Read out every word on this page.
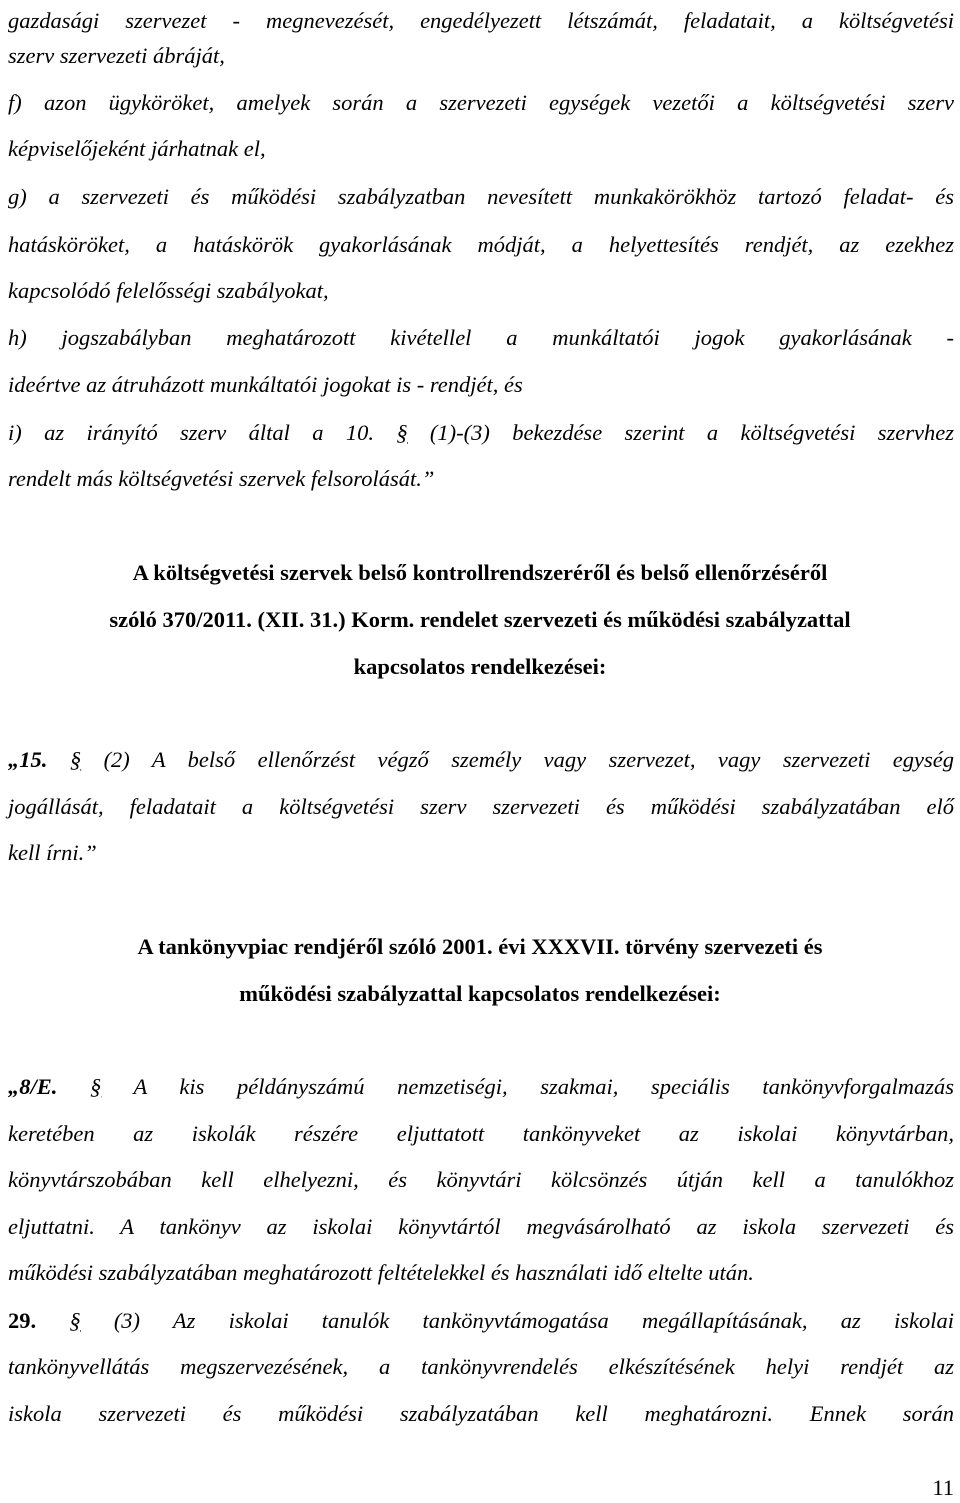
gazdasági szervezet - megnevezését, engedélyezett létszámát, feladatait, a költségvetési
szerv szervezeti ábráját,
f) azon ügyköröket, amelyek során a szervezeti egységek vezetői a költségvetési szerv
képviselőjeként járhatnak el,
g) a szervezeti és működési szabályzatban nevesített munkakörökhöz tartozó feladat- és
hatásköröket, a hatáskörök gyakorlásának módját, a helyettesítés rendjét, az ezekhez
kapcsolódó felelősségi szabályokat,
h) jogszabályban meghatározott kivétellel a munkáltatói jogok gyakorlásának -
ideértve az átruházott munkáltatói jogokat is - rendjét, és
i) az irányító szerv által a 10. § (1)-(3) bekezdése szerint a költségvetési szervhez
rendelt más költségvetési szervek felsorolását.”
A költségvetési szervek belső kontrollrendszeréről és belső ellenőrzéséről
szóló 370/2011. (XII. 31.) Korm. rendelet szervezeti és működési szabályzattal
kapcsolatos rendelkezései:
„15. § (2) A belső ellenőrzést végző személy vagy szervezet, vagy szervezeti egység
jogállását, feladatait a költségvetési szerv szervezeti és működési szabályzatában elő
kell írni.”
A tankönyvpiac rendjéről szóló 2001. évi XXXVII. törvény szervezeti és
működési szabályzattal kapcsolatos rendelkezései:
„8/E. § A kis példányszámú nemzetiségi, szakmai, speciális tankönyvforgalmazás
keretében az iskolák részére eljuttatott tankönyveket az iskolai könyvtárban,
könyvtárszobában kell elhelyezni, és könyvtári kölcsönzés útján kell a tanulókhoz
eljuttatni. A tankönyv az iskolai könyvtártól megvásárolható az iskola szervezeti és
működési szabályzatában meghatározott feltételekkel és használati idő eltelte után.
29. § (3) Az iskolai tanulók tankönyvtámogatása megállapításának, az iskolai
tankönyvellátás megszervezésének, a tankönyvrendelés elkészítésének helyi rendjét az
iskola szervezeti és működési szabályzatában kell meghatározni. Ennek során
11
